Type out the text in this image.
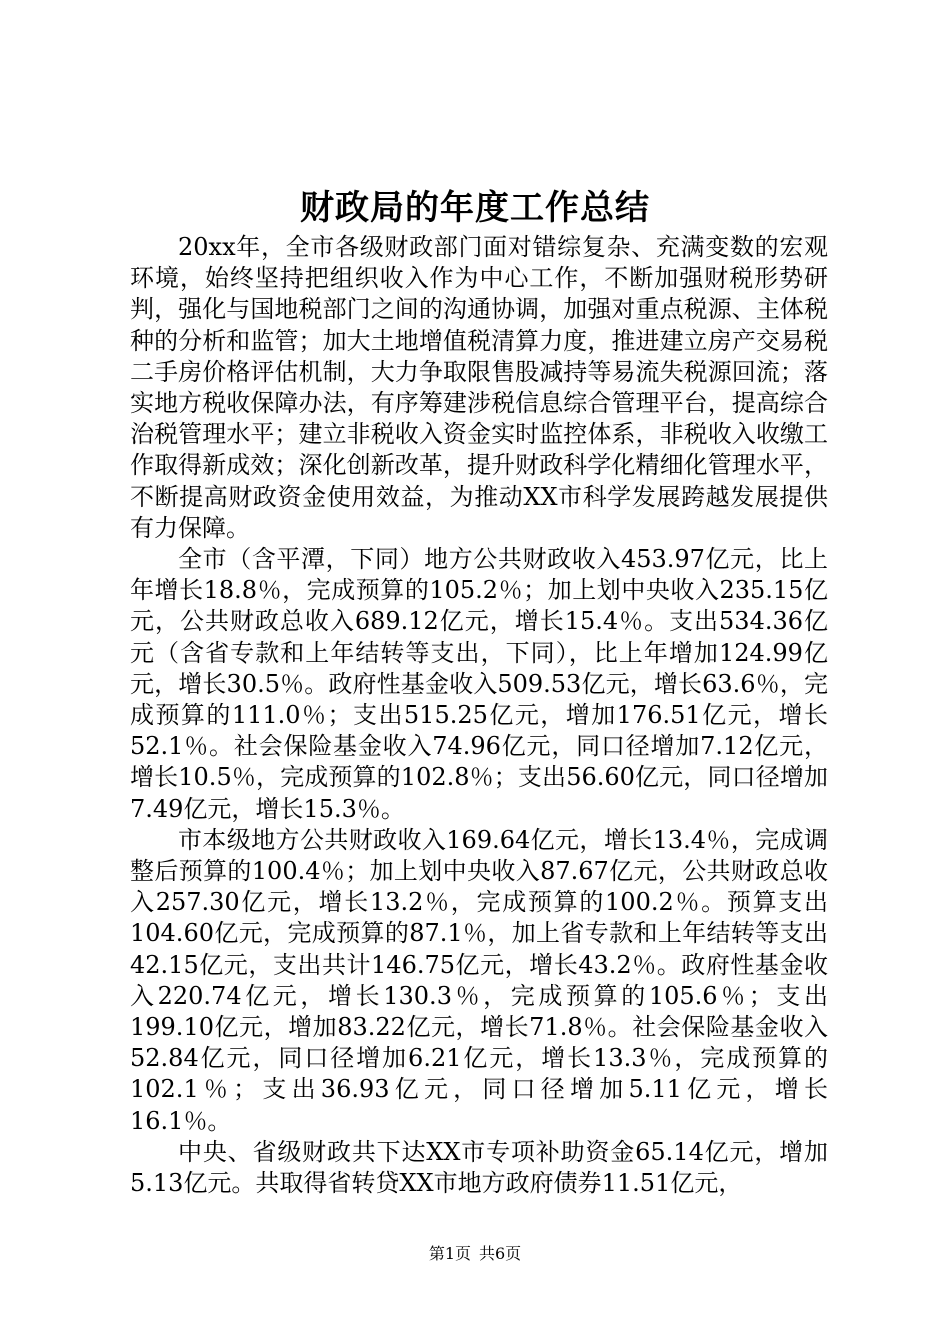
财政局的年度工作总结

20xx年，全市各级财政部门面对错综复杂、充满变数的宏观环境，始终坚持把组织收入作为中心工作，不断加强财税形势研判，强化与国地税部门之间的沟通协调，加强对重点税源、主体税种的分析和监管；加大土地增值税清算力度，推进建立房产交易税二手房价格评估机制，大力争取限售股减持等易流失税源回流；落实地方税收保障办法，有序筹建涉税信息综合管理平台，提高综合治税管理水平；建立非税收入资金实时监控体系，非税收入收缴工作取得新成效；深化创新改革，提升财政科学化精细化管理水平，不断提高财政资金使用效益，为推动XX市科学发展跨越发展提供有力保障。

全市（含平潭，下同）地方公共财政收入453.97亿元，比上年增长18.8％，完成预算的105.2％；加上划中央收入235.15亿元，公共财政总收入689.12亿元，增长15.4％。支出534.36亿元（含省专款和上年结转等支出，下同），比上年增加124.99亿元，增长30.5％。政府性基金收入509.53亿元，增长63.6％，完成预算的111.0％；支出515.25亿元，增加176.51亿元，增长52.1％。社会保险基金收入74.96亿元，同口径增加7.12亿元，增长10.5％，完成预算的102.8％；支出56.60亿元，同口径增加7.49亿元，增长15.3％。

市本级地方公共财政收入169.64亿元，增长13.4％，完成调整后预算的100.4％；加上划中央收入87.67亿元，公共财政总收入257.30亿元，增长13.2％，完成预算的100.2％。预算支出104.60亿元，完成预算的87.1％，加上省专款和上年结转等支出42.15亿元，支出共计146.75亿元，增长43.2％。政府性基金收入220.74亿元，增长130.3％，完成预算的105.6％；支出199.10亿元，增加83.22亿元，增长71.8％。社会保险基金收入52.84亿元，同口径增加6.21亿元，增长13.3％，完成预算的102.1％；支出36.93亿元，同口径增加5.11亿元，增长16.1％。

中央、省级财政共下达XX市专项补助资金65.14亿元，增加5.13亿元。共取得省转贷XX市地方政府债券11.51亿元，

第1页 共6页
